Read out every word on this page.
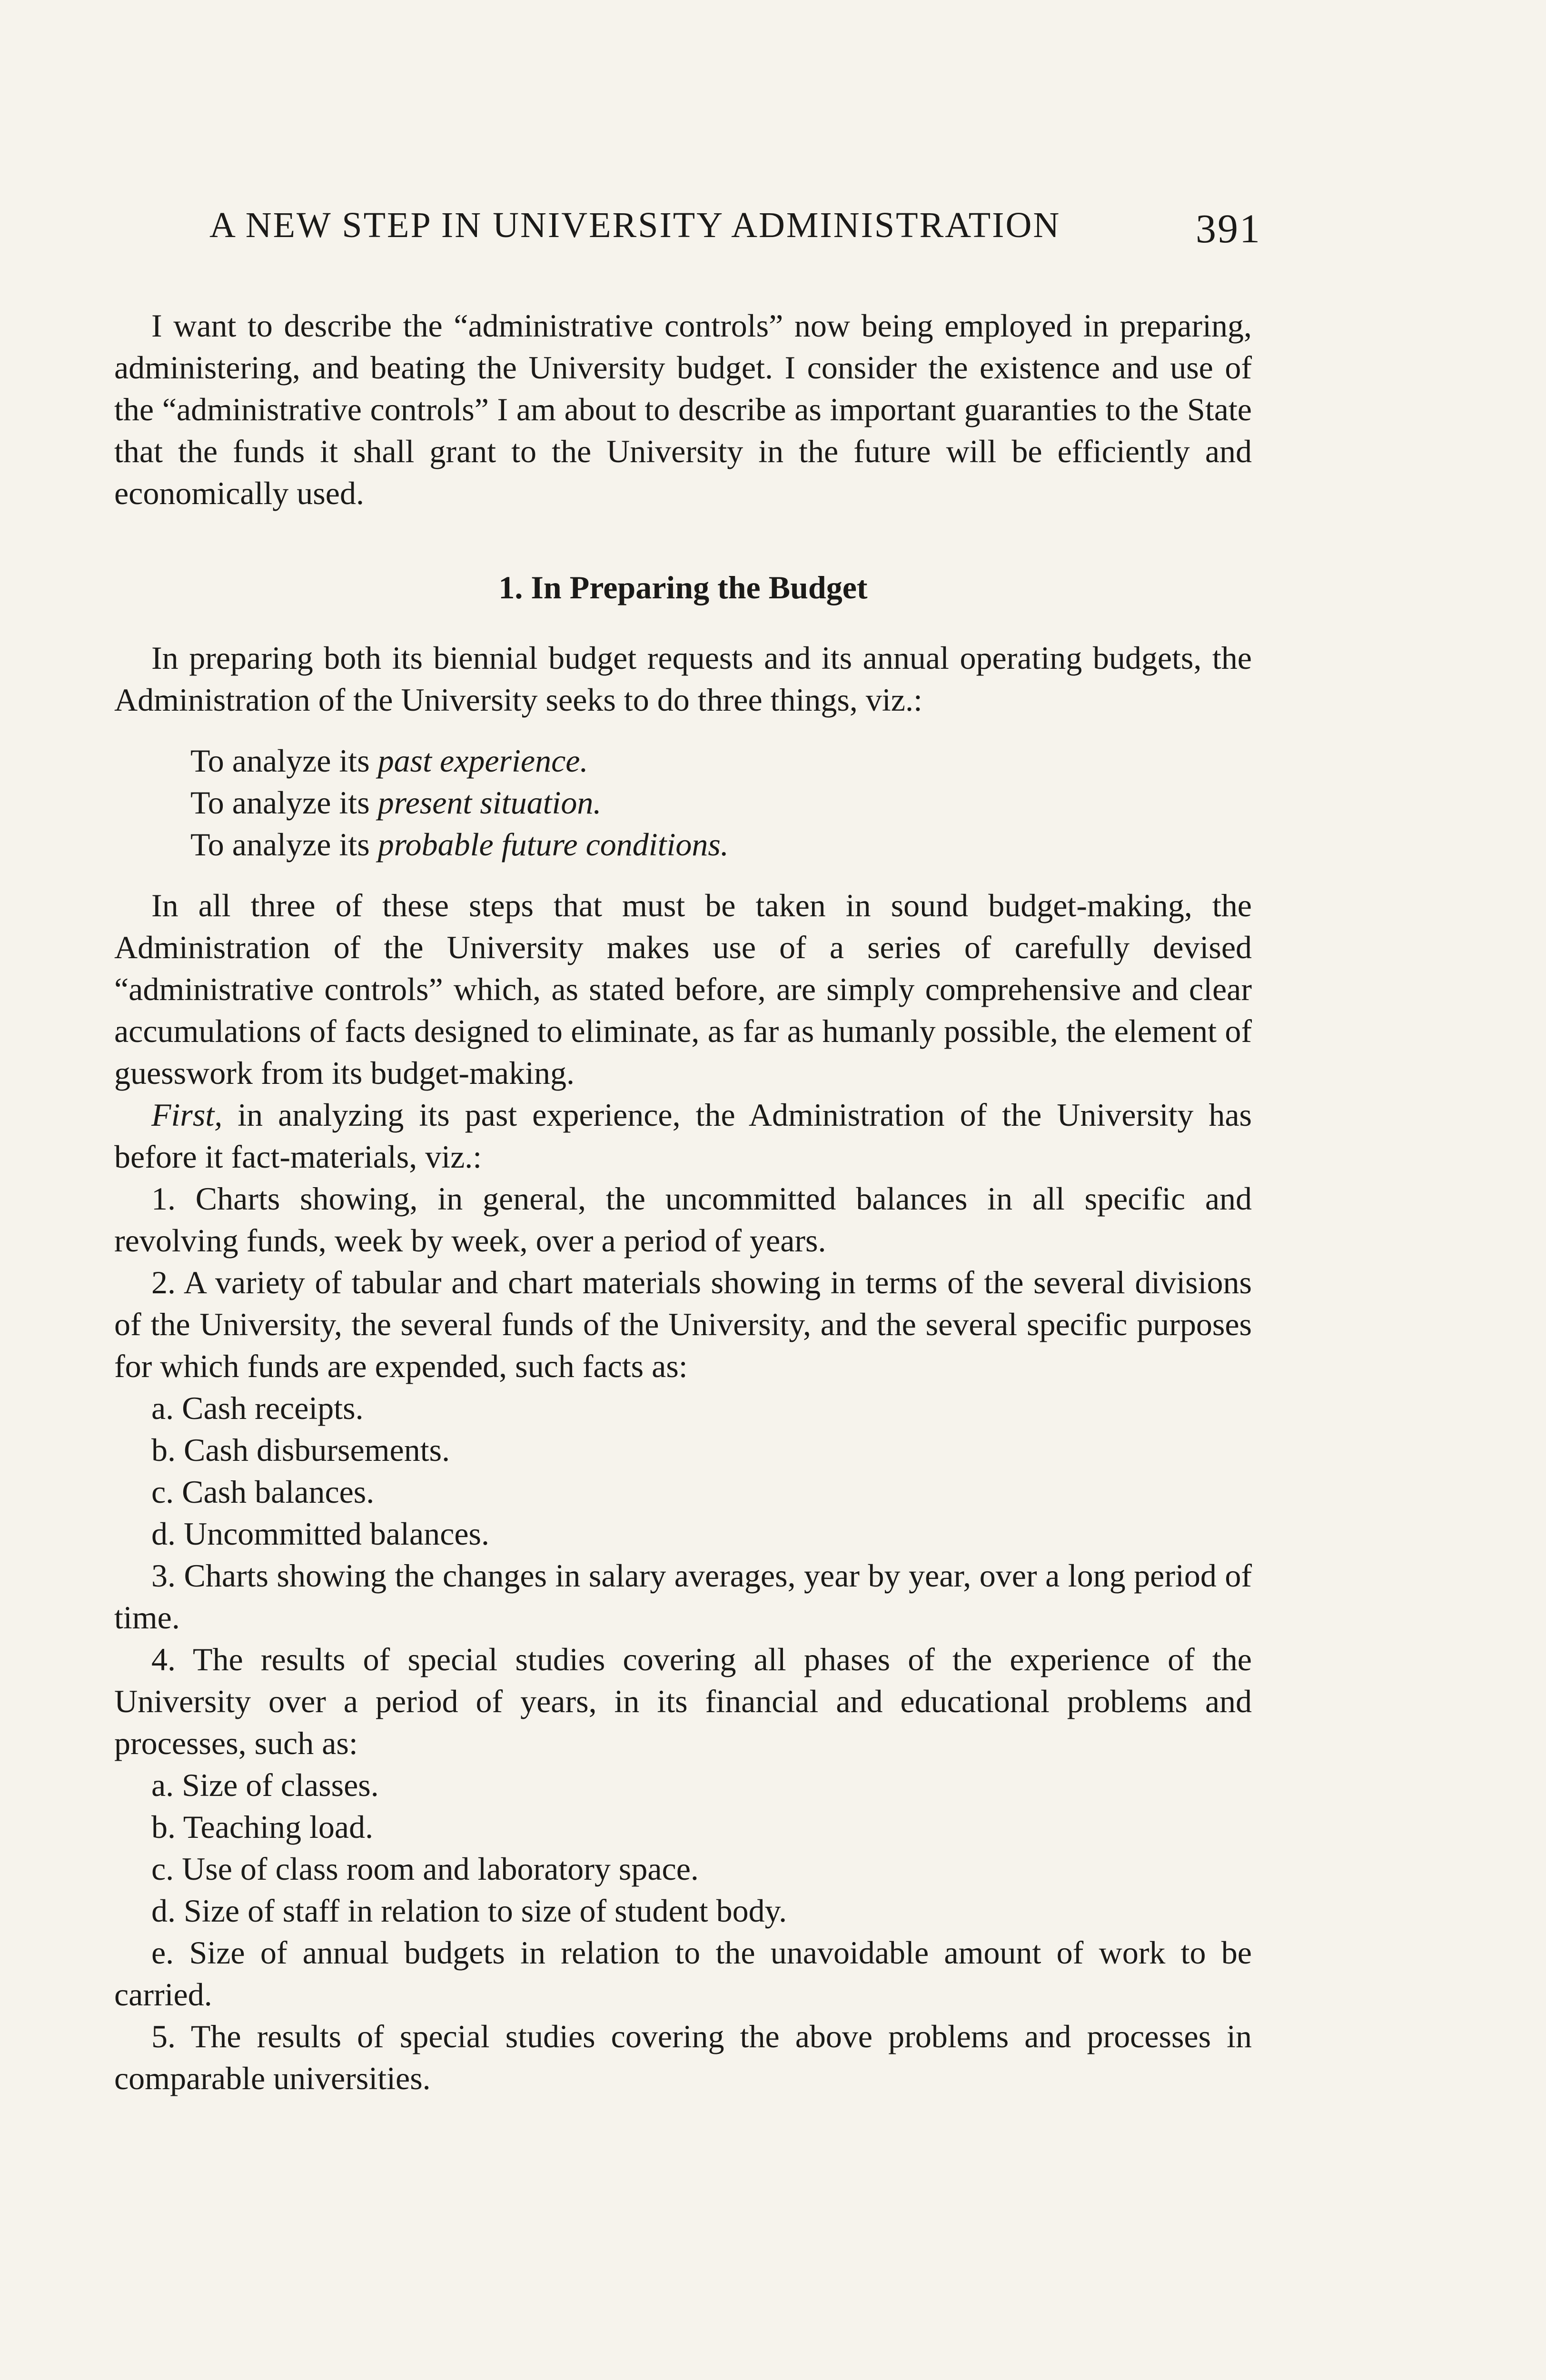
A NEW STEP IN UNIVERSITY ADMINISTRATION	391

I want to describe the “administrative controls” now being employed in preparing, administering, and beating the University budget. I consider the existence and use of the “administrative controls” I am about to describe as important guaranties to the State that the funds it shall grant to the University in the future will be efficiently and economically used.

1. In Preparing the Budget

In preparing both its biennial budget requests and its annual operating budgets, the Administration of the University seeks to do three things, viz.:

To analyze its past experience.
To analyze its present situation.
To analyze its probable future conditions.

In all three of these steps that must be taken in sound budget-making, the Administration of the University makes use of a series of carefully devised “administrative controls” which, as stated before, are simply comprehensive and clear accumulations of facts designed to eliminate, as far as humanly possible, the element of guesswork from its budget-making.

First, in analyzing its past experience, the Administration of the University has before it fact-materials, viz.:

1. Charts showing, in general, the uncommitted balances in all specific and revolving funds, week by week, over a period of years.

2. A variety of tabular and chart materials showing in terms of the several divisions of the University, the several funds of the University, and the several specific purposes for which funds are expended, such facts as:

a. Cash receipts.

b. Cash disbursements.

c. Cash balances.

d. Uncommitted balances.

3. Charts showing the changes in salary averages, year by year, over a long period of time.

4. The results of special studies covering all phases of the experience of the University over a period of years, in its financial and educational problems and processes, such as:

a. Size of classes.

b. Teaching load.

c. Use of class room and laboratory space.

d. Size of staff in relation to size of student body.

e. Size of annual budgets in relation to the unavoidable amount of work to be carried.

5. The results of special studies covering the above problems and processes in comparable universities.
